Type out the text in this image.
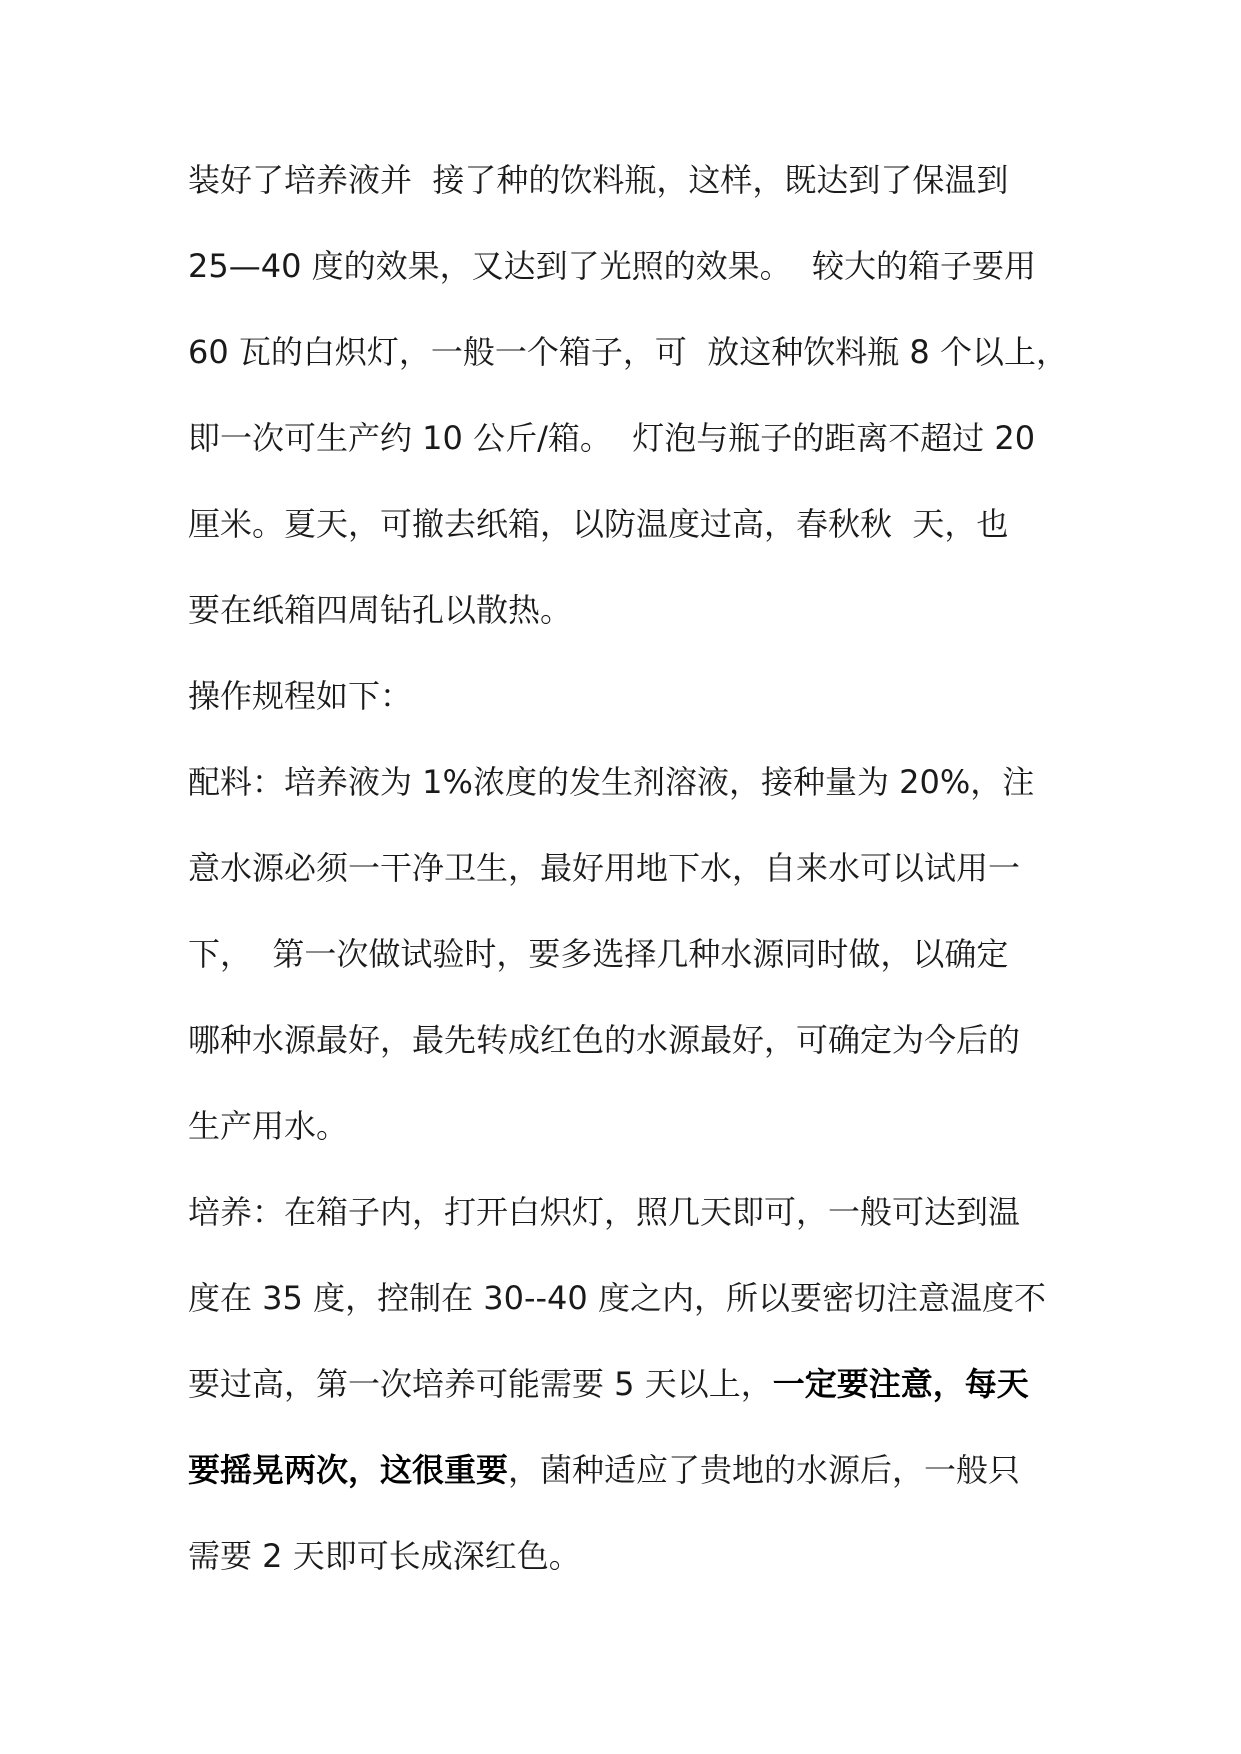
装好了培养液并  接了种的饮料瓶，这样，既达到了保温到
25—40 度的效果，又达到了光照的效果。  较大的箱子要用
60 瓦的白炽灯，一般一个箱子，可  放这种饮料瓶 8 个以上，
即一次可生产约 10 公斤/箱。  灯泡与瓶子的距离不超过 20
厘米。夏天，可撤去纸箱，以防温度过高，春秋秋  天，也
要在纸箱四周钻孔以散热。
操作规程如下：
配料：培养液为 1%浓度的发生剂溶液，接种量为 20%，注
意水源必须一干净卫生，最好用地下水，自来水可以试用一
下，  第一次做试验时，要多选择几种水源同时做，以确定
哪种水源最好，最先转成红色的水源最好，可确定为今后的
生产用水。
培养：在箱子内，打开白炽灯，照几天即可，一般可达到温
度在 35 度，控制在 30--40 度之内，所以要密切注意温度不
要过高，第一次培养可能需要 5 天以上，一定要注意，每天
要摇晃两次，这很重要，菌种适应了贵地的水源后，一般只
需要 2 天即可长成深红色。
